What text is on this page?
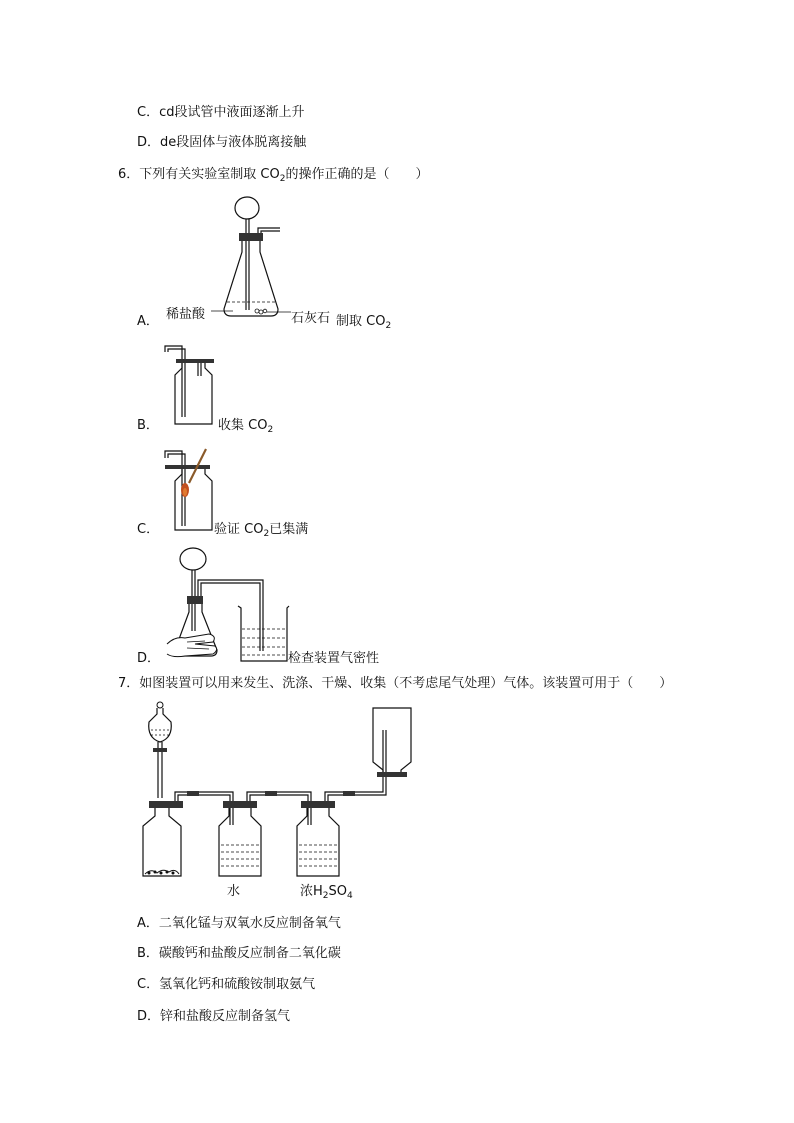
C．cd段试管中液面逐渐上升
D．de段固体与液体脱离接触
6．下列有关实验室制取 $CO_2$的操作正确的是（　　）
A． 稀盐酸	石灰石 制取 $CO_2$
B．	收集 $CO_2$
C．	验证 $CO_2$已集满
D．	检查装置气密性
7．如图装置可以用来发生、洗涤、干燥、收集（不考虑尾气处理）气体。该装置可用于（　　）
水	浓$H_2SO_4$
A．二氧化锰与双氧水反应制备氧气
B．碳酸钙和盐酸反应制备二氧化碳
C．氢氧化钙和硫酸铵制取氨气
D．锌和盐酸反应制备氢气
